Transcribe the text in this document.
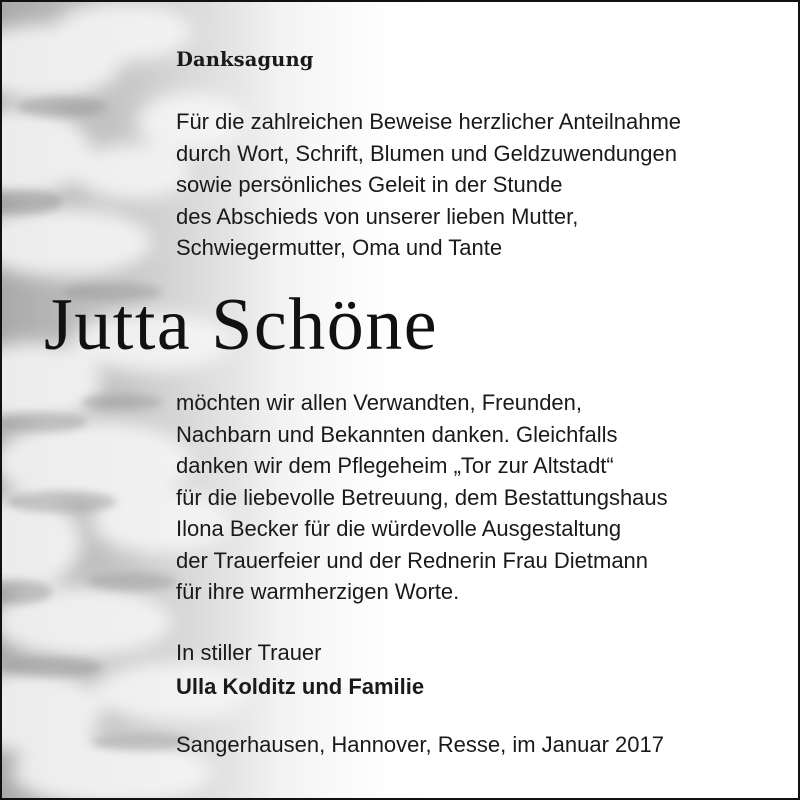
Danksagung
Für die zahlreichen Beweise herzlicher Anteilnahme
durch Wort, Schrift, Blumen und Geldzuwendungen
sowie persönliches Geleit in der Stunde
des Abschieds von unserer lieben Mutter,
Schwiegermutter, Oma und Tante
Jutta Schöne
möchten wir allen Verwandten, Freunden,
Nachbarn und Bekannten danken. Gleichfalls
danken wir dem Pflegeheim „Tor zur Altstadt“
für die liebevolle Betreuung, dem Bestattungshaus
Ilona Becker für die würdevolle Ausgestaltung
der Trauerfeier und der Rednerin Frau Dietmann
für ihre warmherzigen Worte.
In stiller Trauer
Ulla Kolditz und Familie
Sangerhausen, Hannover, Resse, im Januar 2017
